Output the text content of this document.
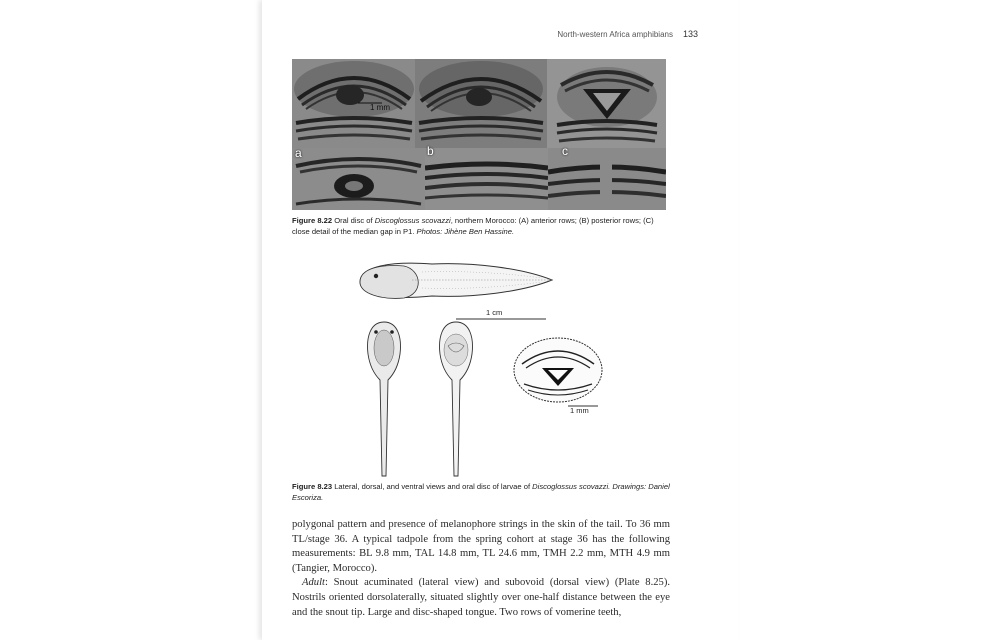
North-western Africa amphibians 133
1 mm
a	b	c
Figure 8.22 Oral disc of Discoglossus scovazzi, northern Morocco: (A) anterior rows; (B) posterior rows; (C) close detail of the median gap in P1. Photos: Jihène Ben Hassine.
1 cm
1 mm
Figure 8.23 Lateral, dorsal, and ventral views and oral disc of larvae of Discoglossus scovazzi. Drawings: Daniel Escoriza.

polygonal pattern and presence of melanophore strings in the skin of the tail. To 36 mm TL/stage 36. A typical tadpole from the spring cohort at stage 36 has the following measurements: BL 9.8 mm, TAL 14.8 mm, TL 24.6 mm, TMH 2.2 mm, MTH 4.9 mm (Tangier, Morocco).

Adult: Snout acuminated (lateral view) and subovoid (dorsal view) (Plate 8.25). Nostrils oriented dorsolaterally, situated slightly over one-half distance between the eye and the snout tip. Large and disc-shaped tongue. Two rows of vomerine teeth,
